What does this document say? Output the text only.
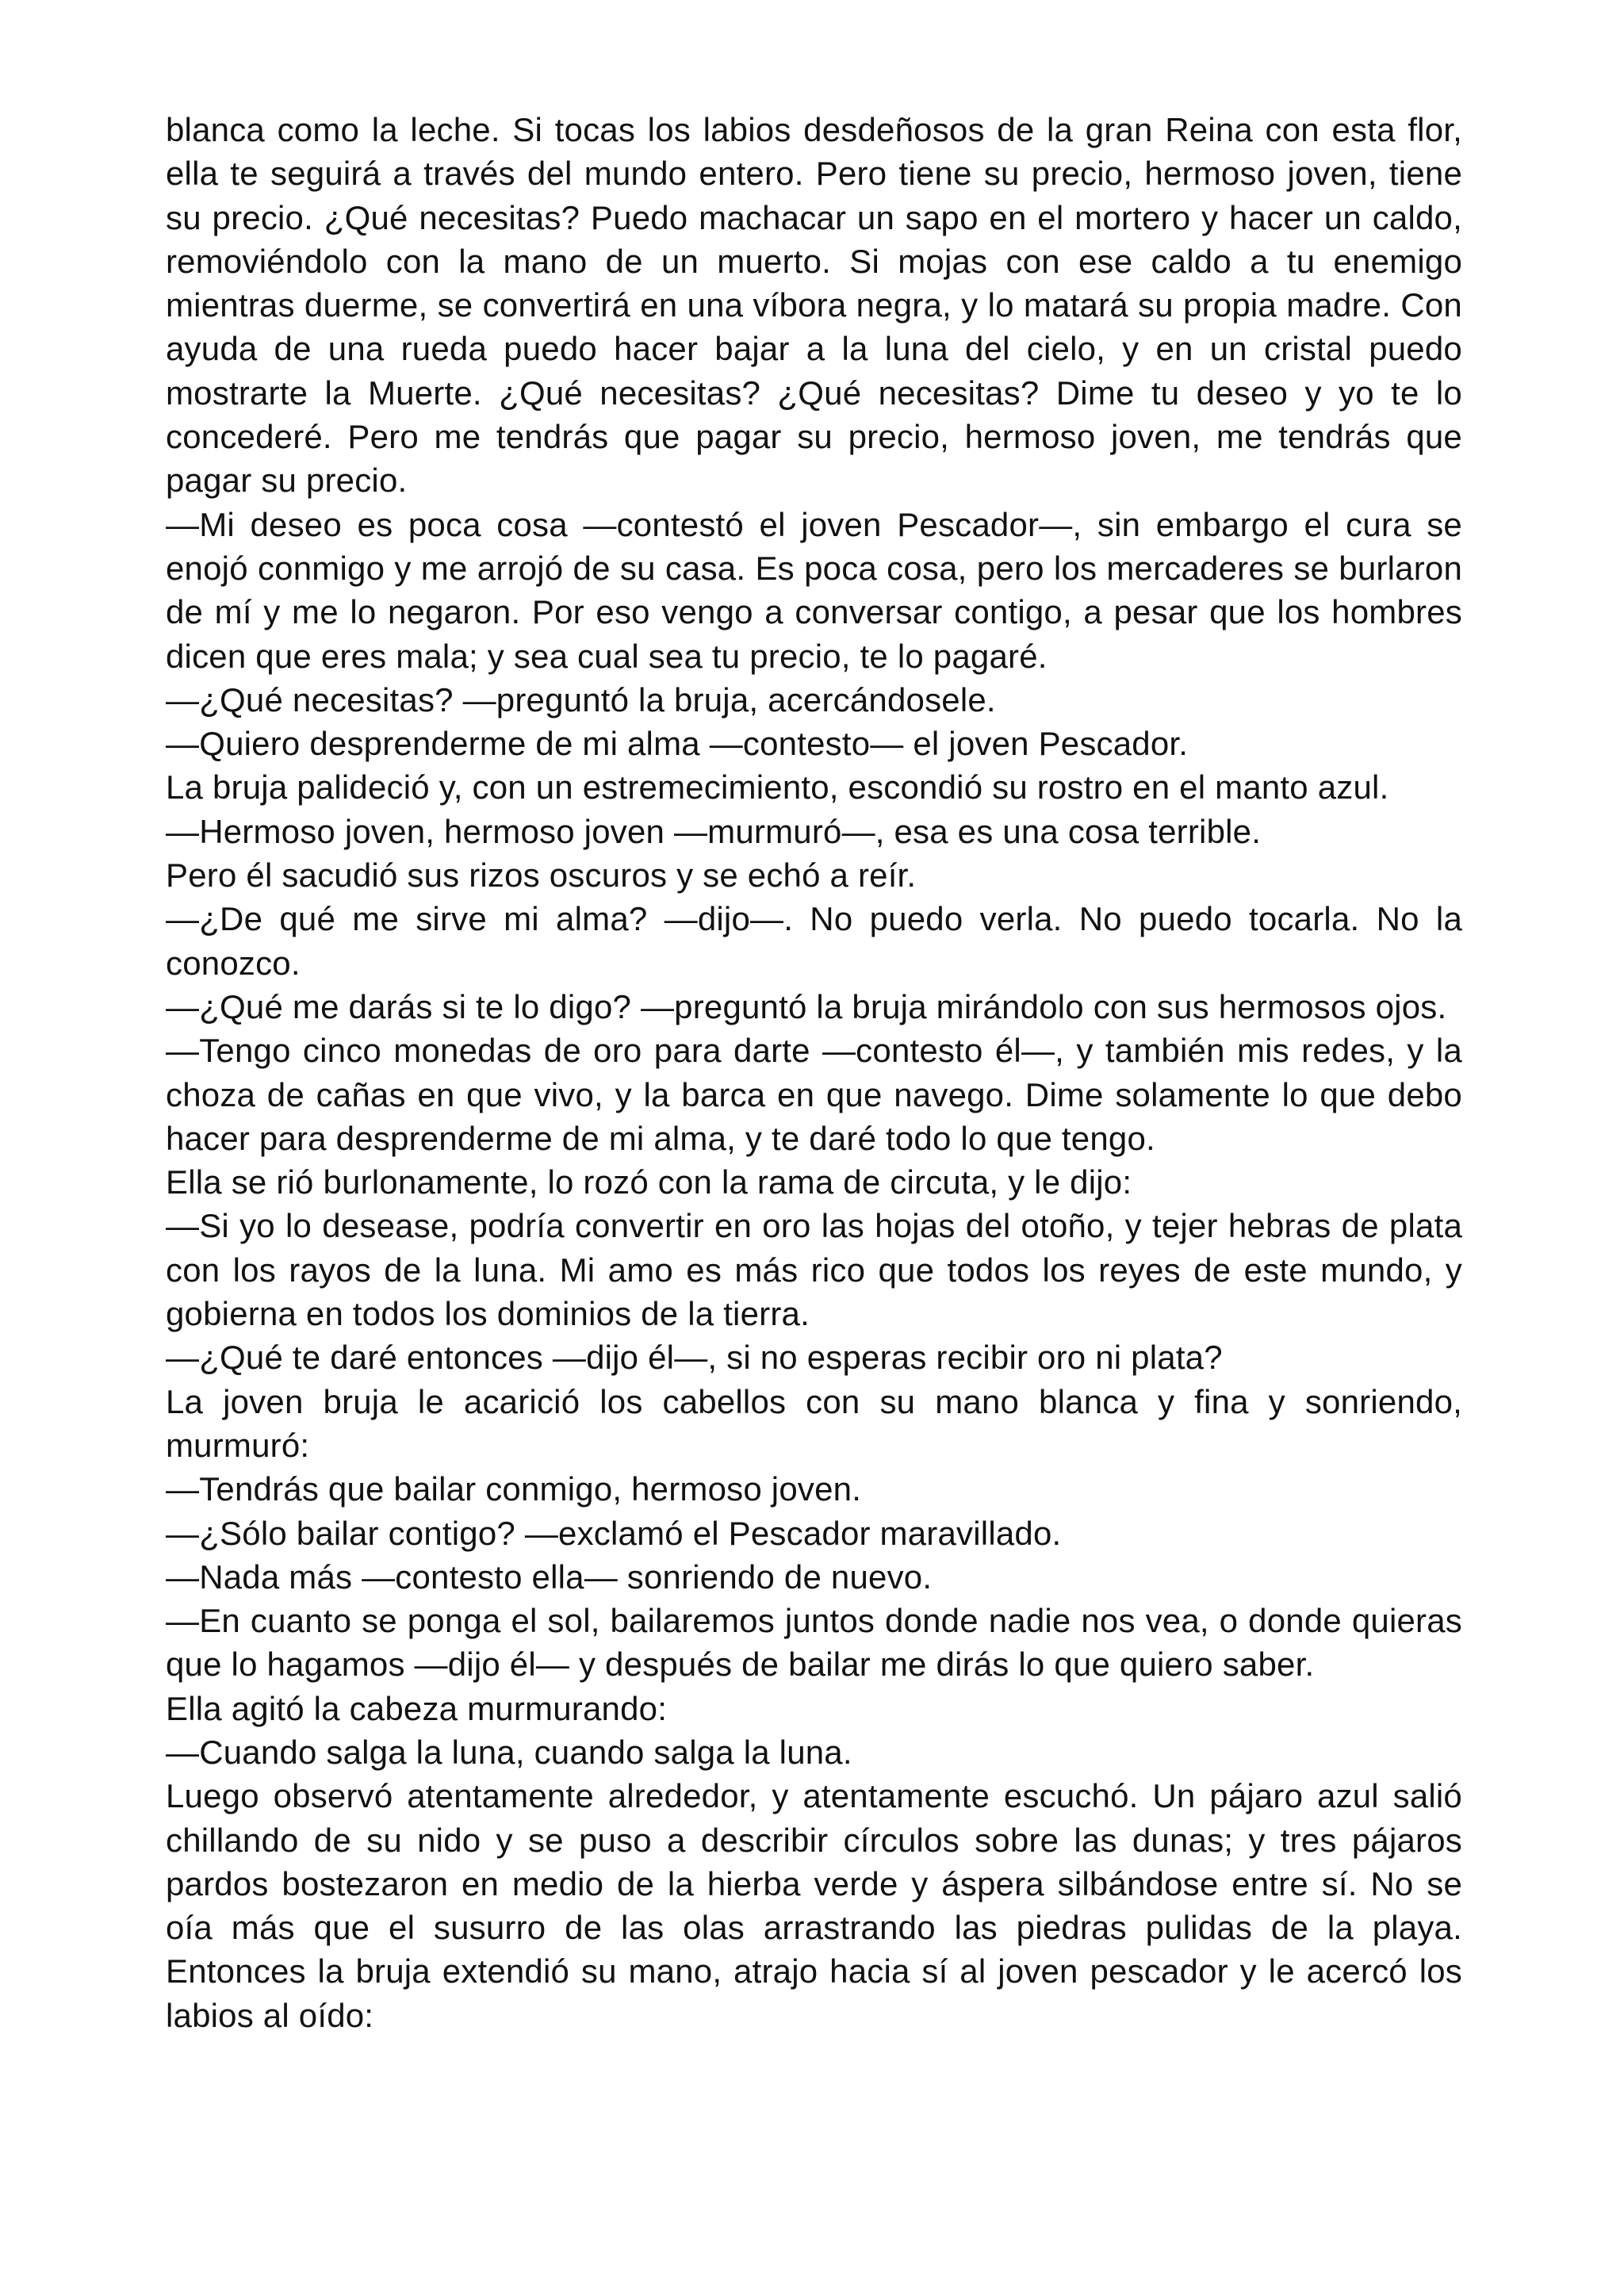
blanca como la leche. Si tocas los labios desdeñosos de la gran Reina con esta flor, ella te seguirá a través del mundo entero. Pero tiene su precio, hermoso joven, tiene su precio. ¿Qué necesitas? Puedo machacar un sapo en el mortero y hacer un caldo, removiéndolo con la mano de un muerto. Si mojas con ese caldo a tu enemigo mientras duerme, se convertirá en una víbora negra, y lo matará su propia madre. Con ayuda de una rueda puedo hacer bajar a la luna del cielo, y en un cristal puedo mostrarte la Muerte. ¿Qué necesitas? ¿Qué necesitas? Dime tu deseo y yo te lo concederé. Pero me tendrás que pagar su precio, hermoso joven, me tendrás que pagar su precio.

—Mi deseo es poca cosa —contestó el joven Pescador—, sin embargo el cura se enojó conmigo y me arrojó de su casa. Es poca cosa, pero los mercaderes se burlaron de mí y me lo negaron. Por eso vengo a conversar contigo, a pesar que los hombres dicen que eres mala; y sea cual sea tu precio, te lo pagaré.

—¿Qué necesitas? —preguntó la bruja, acercándosele.

—Quiero desprenderme de mi alma —contesto— el joven Pescador.

La bruja palideció y, con un estremecimiento, escondió su rostro en el manto azul.

—Hermoso joven, hermoso joven —murmuró—, esa es una cosa terrible.

Pero él sacudió sus rizos oscuros y se echó a reír.

—¿De qué me sirve mi alma? —dijo—. No puedo verla. No puedo tocarla. No la conozco.

—¿Qué me darás si te lo digo? —preguntó la bruja mirándolo con sus hermosos ojos.

—Tengo cinco monedas de oro para darte —contesto él—, y también mis redes, y la choza de cañas en que vivo, y la barca en que navego. Dime solamente lo que debo hacer para desprenderme de mi alma, y te daré todo lo que tengo.

Ella se rió burlonamente, lo rozó con la rama de circuta, y le dijo:

—Si yo lo desease, podría convertir en oro las hojas del otoño, y tejer hebras de plata con los rayos de la luna. Mi amo es más rico que todos los reyes de este mundo, y gobierna en todos los dominios de la tierra.

—¿Qué te daré entonces —dijo él—, si no esperas recibir oro ni plata?

La joven bruja le acarició los cabellos con su mano blanca y fina y sonriendo, murmuró:

—Tendrás que bailar conmigo, hermoso joven.

—¿Sólo bailar contigo? —exclamó el Pescador maravillado.

—Nada más —contesto ella— sonriendo de nuevo.

—En cuanto se ponga el sol, bailaremos juntos donde nadie nos vea, o donde quieras que lo hagamos —dijo él— y después de bailar me dirás lo que quiero saber.

Ella agitó la cabeza murmurando:

—Cuando salga la luna, cuando salga la luna.

Luego observó atentamente alrededor, y atentamente escuchó. Un pájaro azul salió chillando de su nido y se puso a describir círculos sobre las dunas; y tres pájaros pardos bostezaron en medio de la hierba verde y áspera silbándose entre sí. No se oía más que el susurro de las olas arrastrando las piedras pulidas de la playa. Entonces la bruja extendió su mano, atrajo hacia sí al joven pescador y le acercó los labios al oído:
